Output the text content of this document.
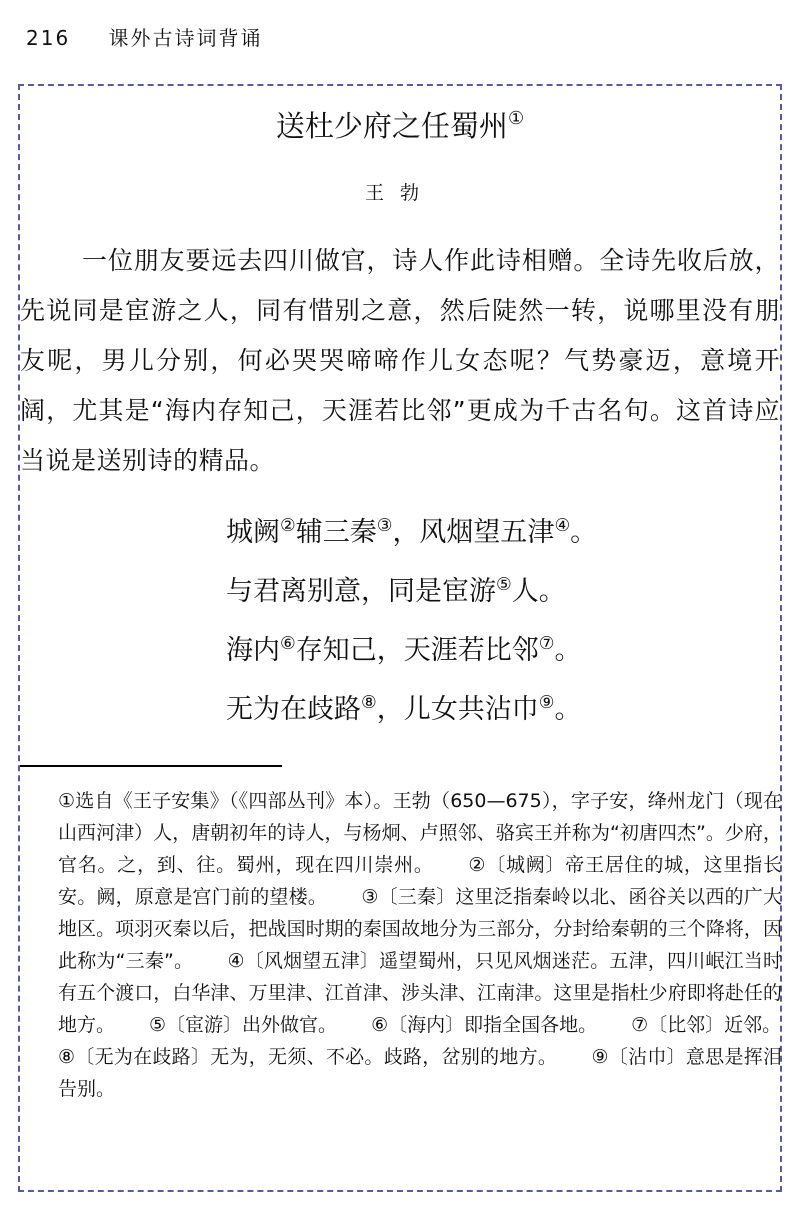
216 课外古诗词背诵
送杜少府之任蜀州①
王勃
一位朋友要远去四川做官，诗人作此诗相赠。全诗先收后放，先说同是宦游之人，同有惜别之意，然后陡然一转，说哪里没有朋友呢，男儿分别，何必哭哭啼啼作儿女态呢？气势豪迈，意境开阔，尤其是“海内存知己，天涯若比邻”更成为千古名句。这首诗应当说是送别诗的精品。
城阙②辅三秦③，风烟望五津④。
与君离别意，同是宦游⑤人。
海内⑥存知己，天涯若比邻⑦。
无为在歧路⑧，儿女共沾巾⑨。
①选自《王子安集》（《四部丛刊》本）。王勃（650—675），字子安，绛州龙门（现在山西河津）人，唐朝初年的诗人，与杨炯、卢照邻、骆宾王并称为“初唐四杰”。少府，官名。之，到、往。蜀州，现在四川崇州。 ②〔城阙〕帝王居住的城，这里指长安。阙，原意是宫门前的望楼。 ③〔三秦〕这里泛指秦岭以北、函谷关以西的广大地区。项羽灭秦以后，把战国时期的秦国故地分为三部分，分封给秦朝的三个降将，因此称为“三秦”。 ④〔风烟望五津〕遥望蜀州，只见风烟迷茫。五津，四川岷江当时有五个渡口，白华津、万里津、江首津、涉头津、江南津。这里是指杜少府即将赴任的地方。 ⑤〔宦游〕出外做官。 ⑥〔海内〕即指全国各地。 ⑦〔比邻〕近邻。
⑧〔无为在歧路〕无为，无须、不必。歧路，岔别的地方。 ⑨〔沾巾〕意思是挥泪告别。
